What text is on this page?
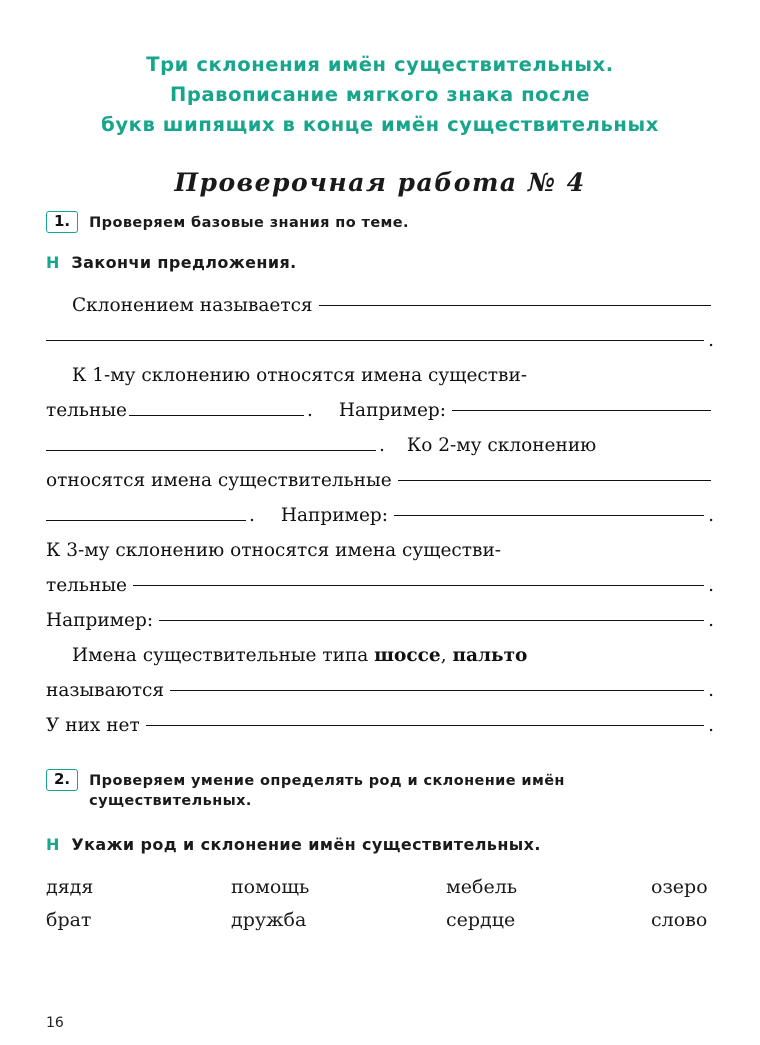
Три склонения имён существительных.
Правописание мягкого знака после
букв шипящих в конце имён существительных
Проверочная работа № 4
1.	Проверяем базовые знания по теме.
Н Закончи предложения.
Склонением называется
.

К 1-му склонению относятся имена существи-

тельные	. Например:
. Ко 2-му склонению
относятся имена существительные
. Например:	.

К 3-му склонению относятся имена существи-

тельные	.
Например:	.

Имена существительные типа шоссе, пальто

называются	.
У них нет	.
2.	Проверяем умение определять род и склонение имён существительных.
Н Укажи род и склонение имён существительных.
дядя	помощь	мебель	озеро
брат	дружба	сердце	слово
16
